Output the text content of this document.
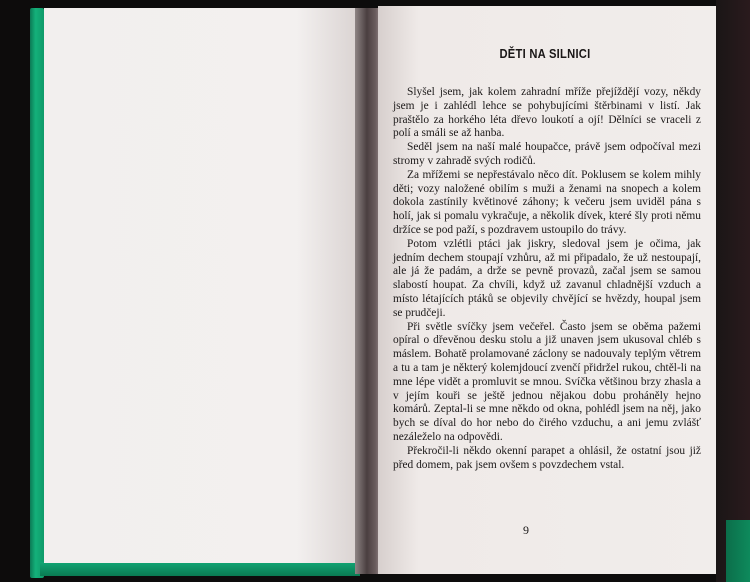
DĚTI NA SILNICI

Slyšel jsem, jak kolem zahradní mříže přejíždějí vozy, někdy jsem je i zahlédl lehce se pohybujícími štěrbinami v listí. Jak praštělo za horkého léta dřevo loukotí a ojí! Dělníci se vraceli z polí a smáli se až hanba.

Seděl jsem na naší malé houpačce, právě jsem odpočíval mezi stromy v zahradě svých rodičů.

Za mřížemi se nepřestávalo něco dít. Poklusem se kolem mihly děti; vozy naložené obilím s muži a ženami na snopech a kolem dokola zastínily květinové záhony; k večeru jsem uviděl pána s holí, jak si pomalu vykračuje, a několik dívek, které šly proti němu držíce se pod paží, s pozdravem ustoupilo do trávy.

Potom vzlétli ptáci jak jiskry, sledoval jsem je očima, jak jedním dechem stoupají vzhůru, až mi připadalo, že už nestoupají, ale já že padám, a drže se pevně provazů, začal jsem se samou slabostí houpat. Za chvíli, když už zavanul chladnější vzduch a místo létajících ptáků se objevily chvějící se hvězdy, houpal jsem se prudčeji.

Při světle svíčky jsem večeřel. Často jsem se oběma pažemi opíral o dřevěnou desku stolu a již unaven jsem ukusoval chléb s máslem. Bohatě prolamované záclony se nadouvaly teplým větrem a tu a tam je některý kolemjdoucí zvenčí přidržel rukou, chtěl-li na mne lépe vidět a promluvit se mnou. Svíčka většinou brzy zhasla a v jejím kouři se ještě jednou nějakou dobu proháněly hejno komárů. Zeptal-li se mne někdo od okna, pohlédl jsem na něj, jako bych se díval do hor nebo do čirého vzduchu, a ani jemu zvlášť nezáleželo na odpovědi.

Překročil-li někdo okenní parapet a ohlásil, že ostatní jsou již před domem, pak jsem ovšem s povzdechem vstal.

9
